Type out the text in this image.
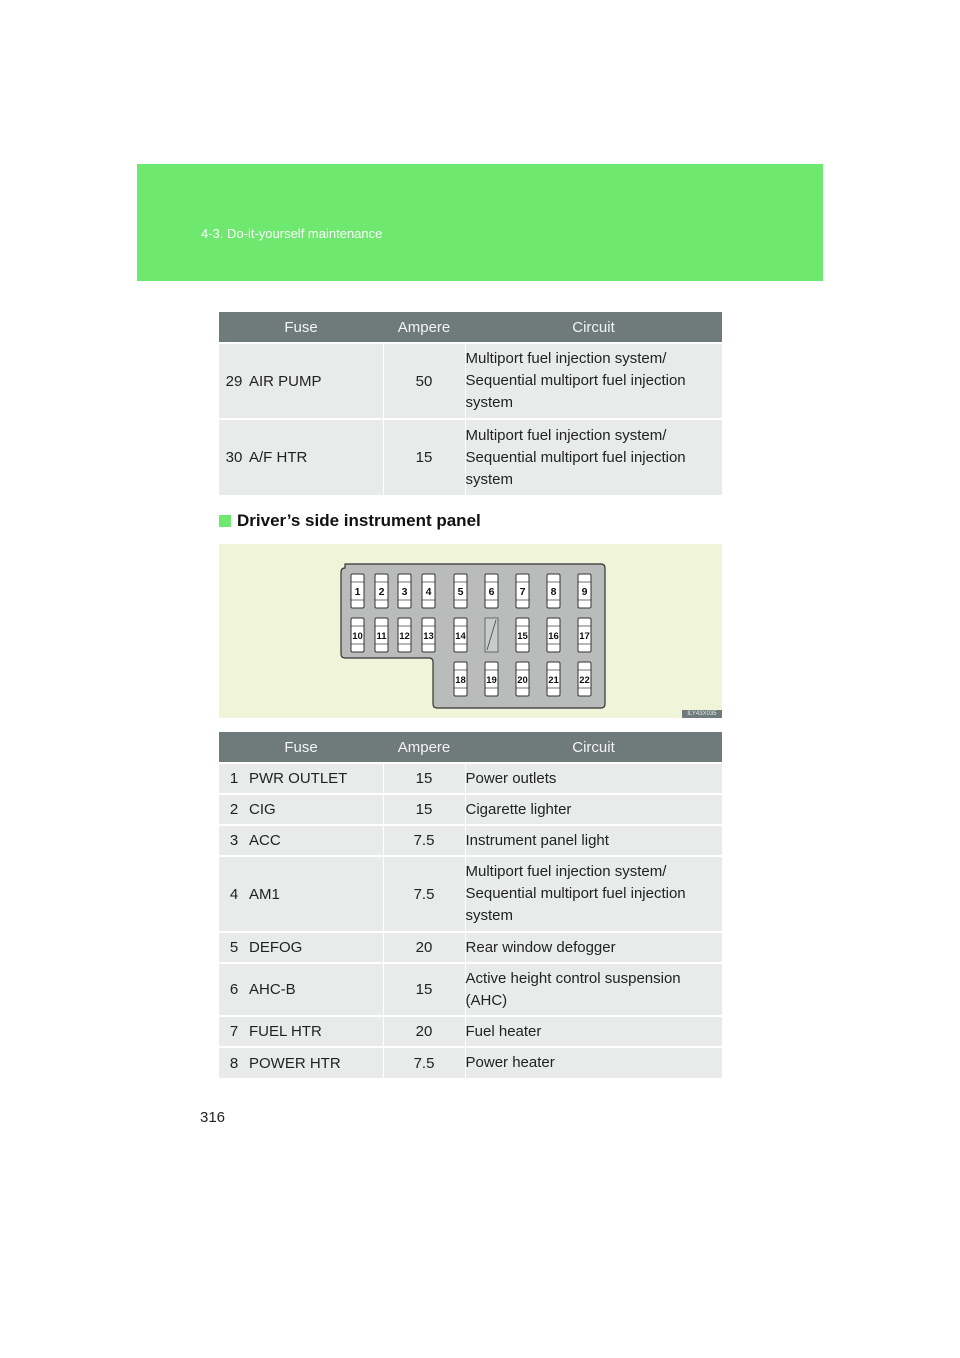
4-3. Do-it-yourself maintenance
Fuse		Ampere	Circuit
29	AIR PUMP	50	Multiport fuel injection system/
Sequential multiport fuel injection
system

30	A/F HTR	15	Multiport fuel injection system/
Sequential multiport fuel injection
system
Driver’s side instrument panel
1 2 3 4 5 6 7 8 9
10 11 12 13 14	15 16 17
18 19 20 21 22
ILY43X035
Fuse		Ampere	Circuit
1	PWR OUTLET	15	Power outlets

2	CIG	15	Cigarette lighter

3	ACC	7.5	Instrument panel light

4	AM1	7.5	Multiport fuel injection system/
Sequential multiport fuel injection
system

5	DEFOG	20	Rear window defogger

6	AHC-B	15	Active height control suspension
(AHC)

7	FUEL HTR	20	Fuel heater

8	POWER HTR	7.5	Power heater
316
